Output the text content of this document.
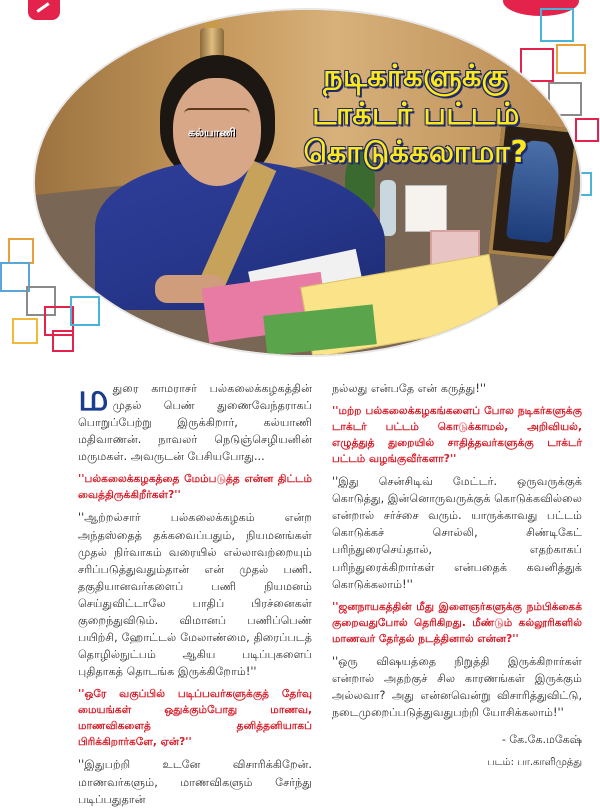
கல்யாணி
நடிகர்களுக்கு
டாக்டர் பட்டம்
கொடுக்கலாமா?

மதுரை காமராசர் பல்கலைக்கழகத்தின் முதல் பெண் துணைவேந்தராகப் பொறுப்பேற்று இருக்கிறார், கல்யாணி மதிவாணன். நாவலர் நெடுஞ்செழியனின் மருமகள். அவருடன் பேசியபோது...

''பல்கலைக்கழகத்தை மேம்படுத்த என்ன திட்டம் வைத்திருக்கிறீர்கள்?''

''ஆற்றல்சார் பல்கலைக்கழகம் என்ற அந்தஸ்தைத் தக்கவைப்பதும், நியமனங்கள் முதல் நிர்வாகம் வரையில் எல்லாவற்றையும் சரிப்படுத்துவதும்தான் என் முதல் பணி. தகுதியானவர்களைப் பணி நியமனம் செய்துவிட்டாலே பாதிப் பிரச்னைகள் குறைந்துவிடும். விமானப் பணிப்பெண் பயிற்சி, ஹோட்டல் மேலாண்மை, திரைப்படத் தொழில்நுட்பம் ஆகிய படிப்புகளைப் புதிதாகத் தொடங்க இருக்கிறோம்!''

''ஒரே வகுப்பில் படிப்பவர்களுக்குத் தேர்வு மையங்கள் ஒதுக்கும்போது மாணவ, மாணவிகளைத் தனித்தனியாகப் பிரிக்கிறார்களே, ஏன்?''

''இதுபற்றி உடனே விசாரிக்கிறேன். மாணவர்களும், மாணவிகளும் சேர்ந்து படிப்பதுதான்

நல்லது என்பதே என் கருத்து!''

''மற்ற பல்கலைக்கழகங்களைப் போல நடிகர்களுக்கு டாக்டர் பட்டம் கொடுக்காமல், அறிவியல், எழுத்துத் துறையில் சாதித்தவர்களுக்கு டாக்டர் பட்டம் வழங்குவீர்களா?''

''இது சென்சிடிவ் மேட்டர். ஒருவருக்குக் கொடுத்து, இன்னொருவருக்குக் கொடுக்கவில்லை என்றால் சர்ச்சை வரும். யாருக்காவது பட்டம் கொடுக்கச் சொல்லி, சிண்டிகேட் பரிந்துரைசெய்தால், எதற்காகப் பரிந்துரைக்கிறார்கள் என்பதைக் கவனித்துக் கொடுக்கலாம்!''

''ஜனநாயகத்தின் மீது இளைஞர்களுக்கு நம்பிக்கைக் குறைவதுபோல் தெரிகிறது. மீண்டும் கல்லூரிகளில் மாணவர் தேர்தல் நடத்தினால் என்ன?''

''ஒரு விஷயத்தை நிறுத்தி இருக்கிறார்கள் என்றால் அதற்குச் சில காரணங்கள் இருக்கும் அல்லவா? அது என்னவென்று விசாரித்துவிட்டு, நடைமுறைப்படுத்துவதுபற்றி யோசிக்கலாம்!''

- கே.கே.மகேஷ்
படம்: பா.காளிமுத்து
